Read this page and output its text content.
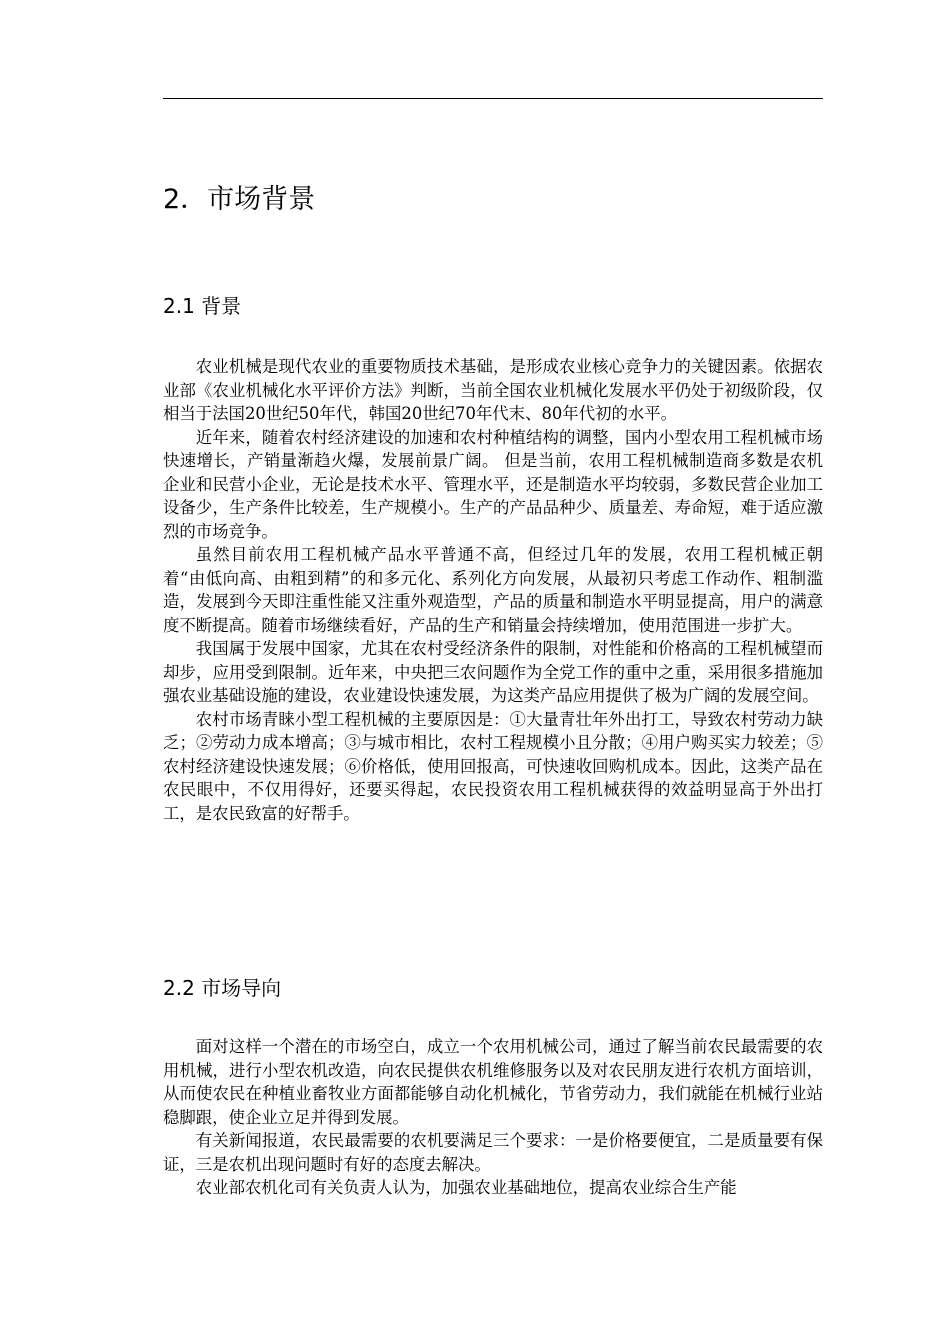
2．市场背景
2.1 背景

农业机械是现代农业的重要物质技术基础，是形成农业核心竞争力的关键因素。依据农业部《农业机械化水平评价方法》判断，当前全国农业机械化发展水平仍处于初级阶段，仅相当于法国20世纪50年代，韩国20世纪70年代末、80年代初的水平。

近年来，随着农村经济建设的加速和农村种植结构的调整，国内小型农用工程机械市场快速增长，产销量渐趋火爆，发展前景广阔。 但是当前，农用工程机械制造商多数是农机企业和民营小企业，无论是技术水平、管理水平，还是制造水平均较弱，多数民营企业加工设备少，生产条件比较差，生产规模小。生产的产品品种少、质量差、寿命短，难于适应激烈的市场竞争。

虽然目前农用工程机械产品水平普通不高，但经过几年的发展，农用工程机械正朝着“由低向高、由粗到精”的和多元化、系列化方向发展，从最初只考虑工作动作、粗制滥造，发展到今天即注重性能又注重外观造型，产品的质量和制造水平明显提高，用户的满意度不断提高。随着市场继续看好，产品的生产和销量会持续增加，使用范围进一步扩大。

我国属于发展中国家，尤其在农村受经济条件的限制，对性能和价格高的工程机械望而却步，应用受到限制。近年来，中央把三农问题作为全党工作的重中之重，采用很多措施加强农业基础设施的建设，农业建设快速发展，为这类产品应用提供了极为广阔的发展空间。

农村市场青睐小型工程机械的主要原因是：①大量青壮年外出打工，导致农村劳动力缺乏；②劳动力成本增高；③与城市相比，农村工程规模小且分散；④用户购买实力较差；⑤农村经济建设快速发展；⑥价格低，使用回报高，可快速收回购机成本。因此，这类产品在农民眼中，不仅用得好，还要买得起，农民投资农用工程机械获得的效益明显高于外出打工，是农民致富的好帮手。

2.2 市场导向

面对这样一个潜在的市场空白，成立一个农用机械公司，通过了解当前农民最需要的农用机械，进行小型农机改造，向农民提供农机维修服务以及对农民朋友进行农机方面培训，从而使农民在种植业畜牧业方面都能够自动化机械化，节省劳动力，我们就能在机械行业站稳脚跟，使企业立足并得到发展。

有关新闻报道，农民最需要的农机要满足三个要求：一是价格要便宜，二是质量要有保证，三是农机出现问题时有好的态度去解决。

农业部农机化司有关负责人认为，加强农业基础地位，提高农业综合生产能
